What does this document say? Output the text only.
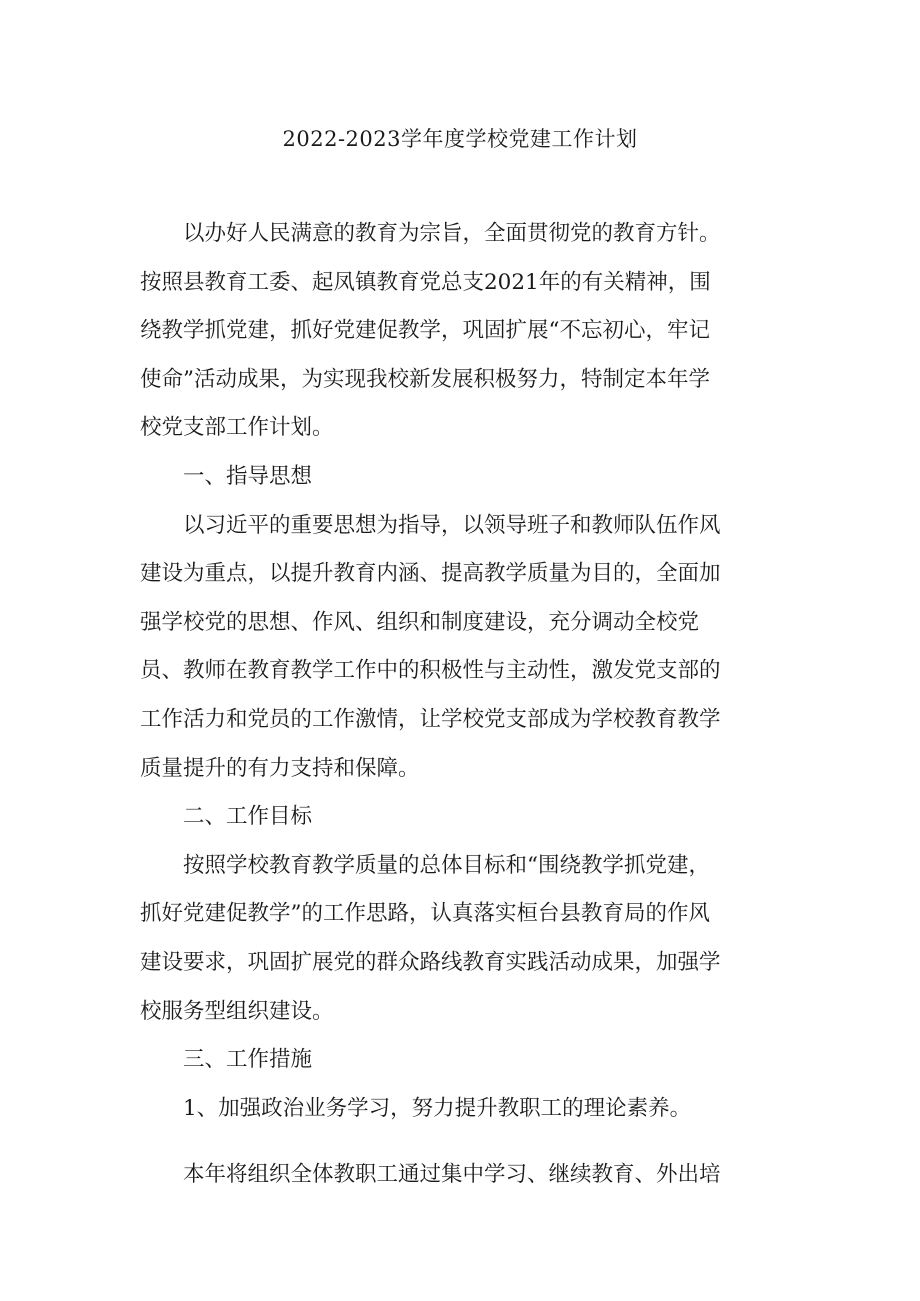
2022-2023学年度学校党建工作计划

以办好人民满意的教育为宗旨，全面贯彻党的教育方针。
按照县教育工委、起凤镇教育党总支2021年的有关精神，围
绕教学抓党建，抓好党建促教学，巩固扩展“不忘初心，牢记
使命”活动成果，为实现我校新发展积极努力，特制定本年学
校党支部工作计划。

一、指导思想

以习近平的重要思想为指导，以领导班子和教师队伍作风
建设为重点，以提升教育内涵、提高教学质量为目的，全面加
强学校党的思想、作风、组织和制度建设，充分调动全校党
员、教师在教育教学工作中的积极性与主动性，激发党支部的
工作活力和党员的工作激情，让学校党支部成为学校教育教学
质量提升的有力支持和保障。

二、工作目标

按照学校教育教学质量的总体目标和“围绕教学抓党建，
抓好党建促教学”的工作思路，认真落实桓台县教育局的作风
建设要求，巩固扩展党的群众路线教育实践活动成果，加强学
校服务型组织建设。

三、工作措施

1、加强政治业务学习，努力提升教职工的理论素养。

本年将组织全体教职工通过集中学习、继续教育、外出培
